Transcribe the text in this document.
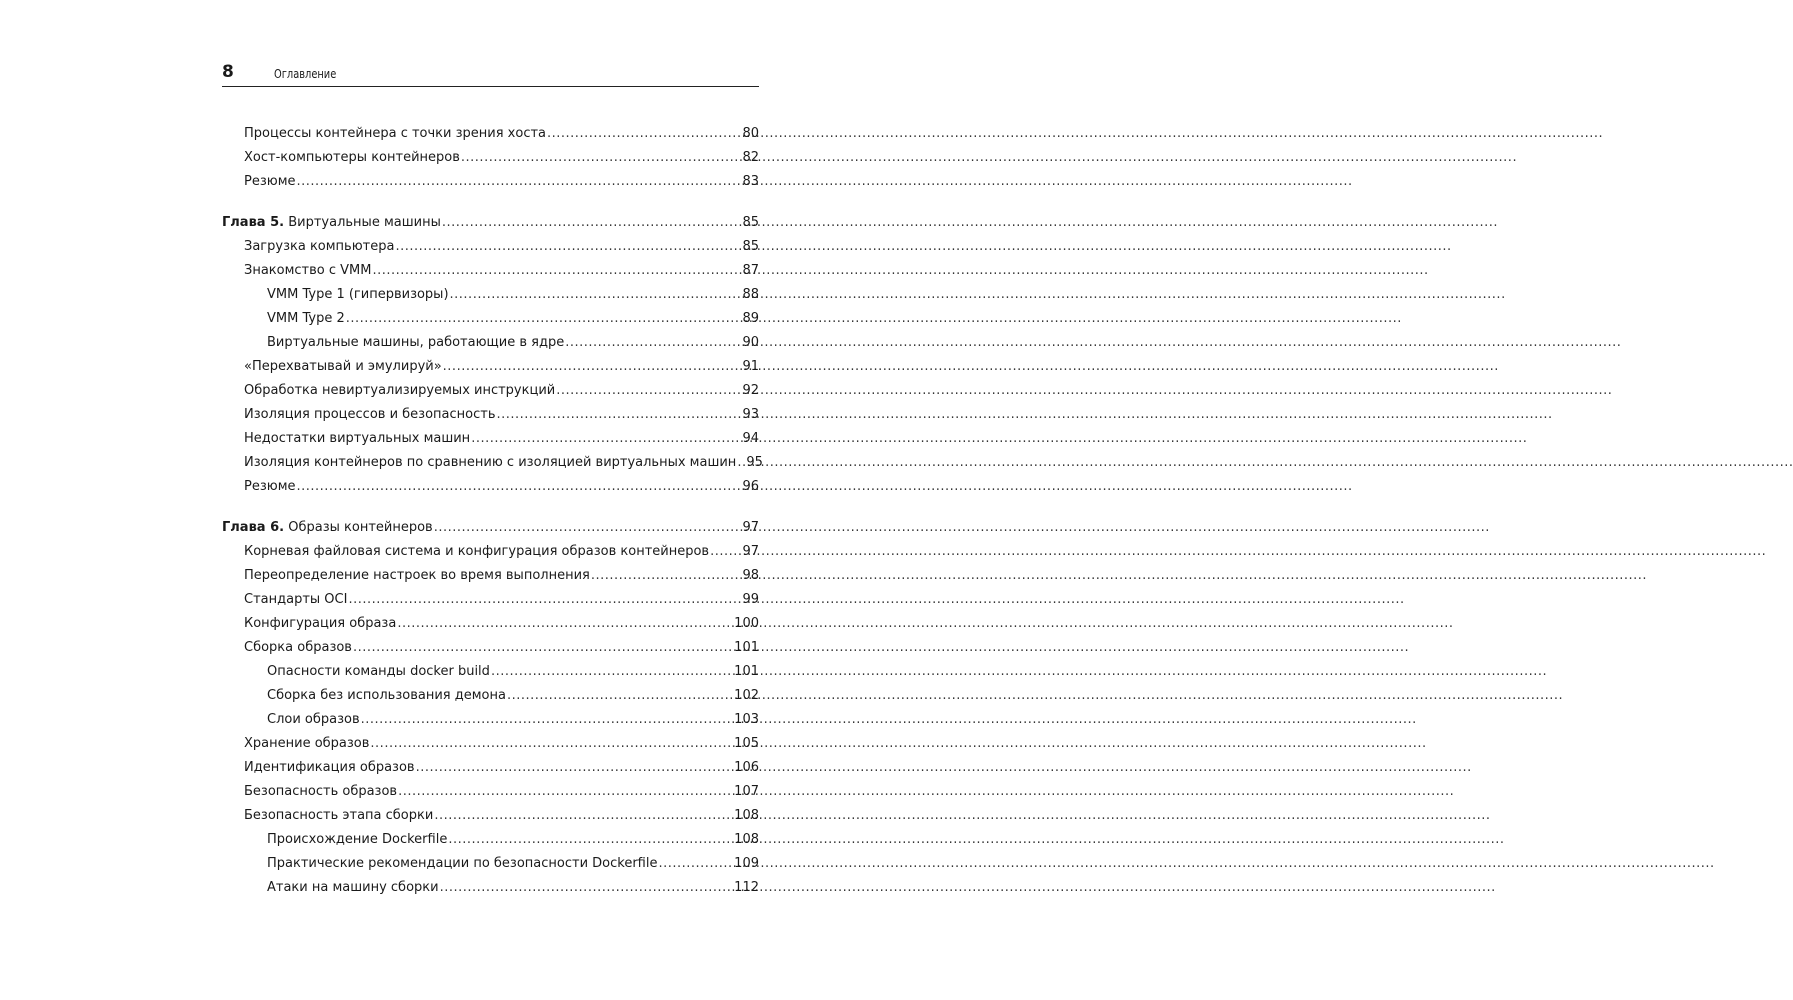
8	Оглавление
Процессы контейнера с точки зрения хоста .....	80
Хост-компьютеры контейнеров .....	82
Резюме .....	83
Глава 5. Виртуальные машины .....	85
Загрузка компьютера .....	85
Знакомство с VMM .....	87
VMM Type 1 (гипервизоры) .....	88
VMM Type 2 .....	89
Виртуальные машины, работающие в ядре .....	90
«Перехватывай и эмулируй» .....	91
Обработка невиртуализируемых инструкций .....	92
Изоляция процессов и безопасность .....	93
Недостатки виртуальных машин .....	94
Изоляция контейнеров по сравнению с изоляцией виртуальных машин ..... 95
Резюме .....	96
Глава 6. Образы контейнеров .....	97
Корневая файловая система и конфигурация образов контейнеров .....	97
Переопределение настроек во время выполнения .....	98
Стандарты OCI .....	99
Конфигурация образа .....	100
Сборка образов .....	101
Опасности команды docker build .....	101
Сборка без использования демона .....	102
Слои образов .....	103
Хранение образов .....	105
Идентификация образов .....	106
Безопасность образов .....	107
Безопасность этапа сборки .....	108
Происхождение Dockerfile .....	108
Практические рекомендации по безопасности Dockerfile .....	109
Атаки на машину сборки .....	112
